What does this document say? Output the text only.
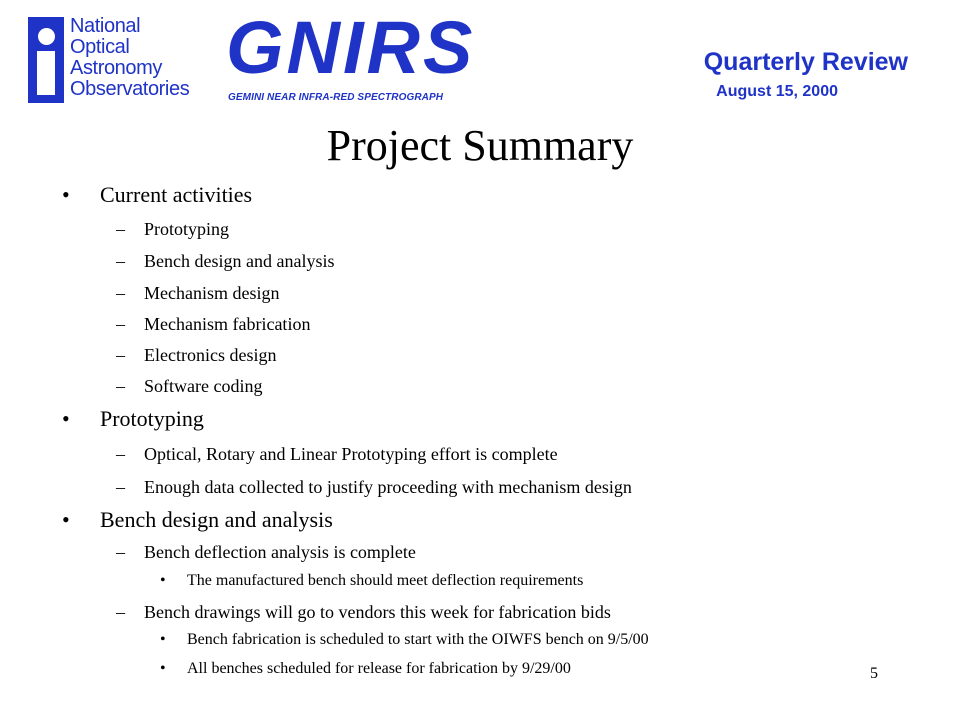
National
Optical
Astronomy
Observatories GNIRS
GEMINI NEAR INFRA-RED SPECTROGRAPH
Quarterly Review
August 15, 2000
Project Summary
• Current activities
– Prototyping
– Bench design and analysis
– Mechanism design
– Mechanism fabrication
– Electronics design
– Software coding
• Prototyping
– Optical, Rotary and Linear Prototyping effort is complete
– Enough data collected to justify proceeding with mechanism design
• Bench design and analysis
– Bench deflection analysis is complete
• The manufactured bench should meet deflection requirements
– Bench drawings will go to vendors this week for fabrication bids
• Bench fabrication is scheduled to start with the OIWFS bench on 9/5/00
• All benches scheduled for release for fabrication by 9/29/00	5
